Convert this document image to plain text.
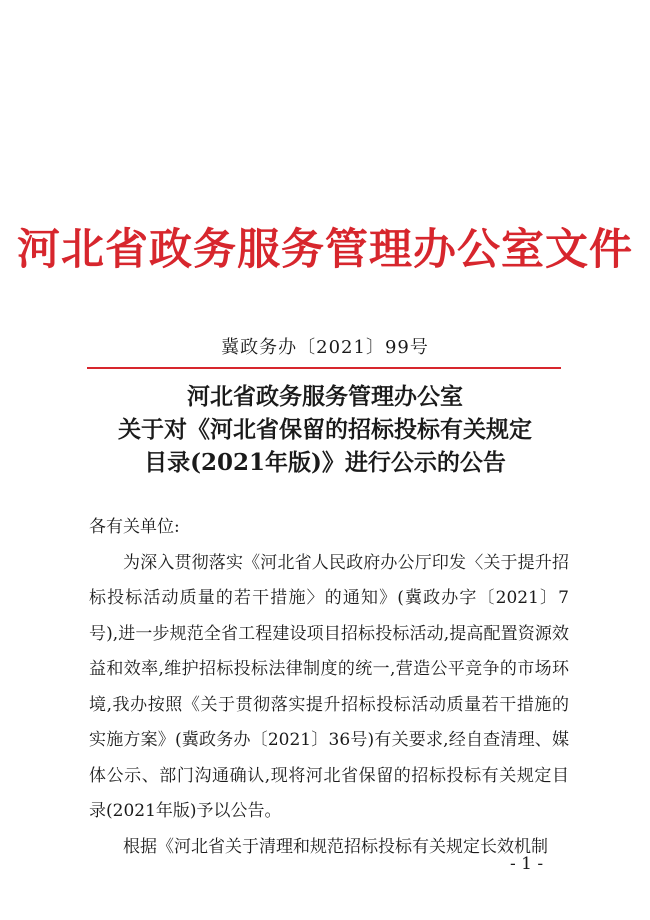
河北省政务服务管理办公室文件
冀政务办〔2021〕99号
河北省政务服务管理办公室
关于对《河北省保留的招标投标有关规定
目录(2021年版)》进行公示的公告
各有关单位:
为深入贯彻落实《河北省人民政府办公厅印发〈关于提升招标投标活动质量的若干措施〉的通知》(冀政办字〔2021〕7号),进一步规范全省工程建设项目招标投标活动,提高配置资源效益和效率,维护招标投标法律制度的统一,营造公平竞争的市场环境,我办按照《关于贯彻落实提升招标投标活动质量若干措施的实施方案》(冀政务办〔2021〕36号)有关要求,经自查清理、媒体公示、部门沟通确认,现将河北省保留的招标投标有关规定目录(2021年版)予以公告。
根据《河北省关于清理和规范招标投标有关规定长效机制
- 1 -
